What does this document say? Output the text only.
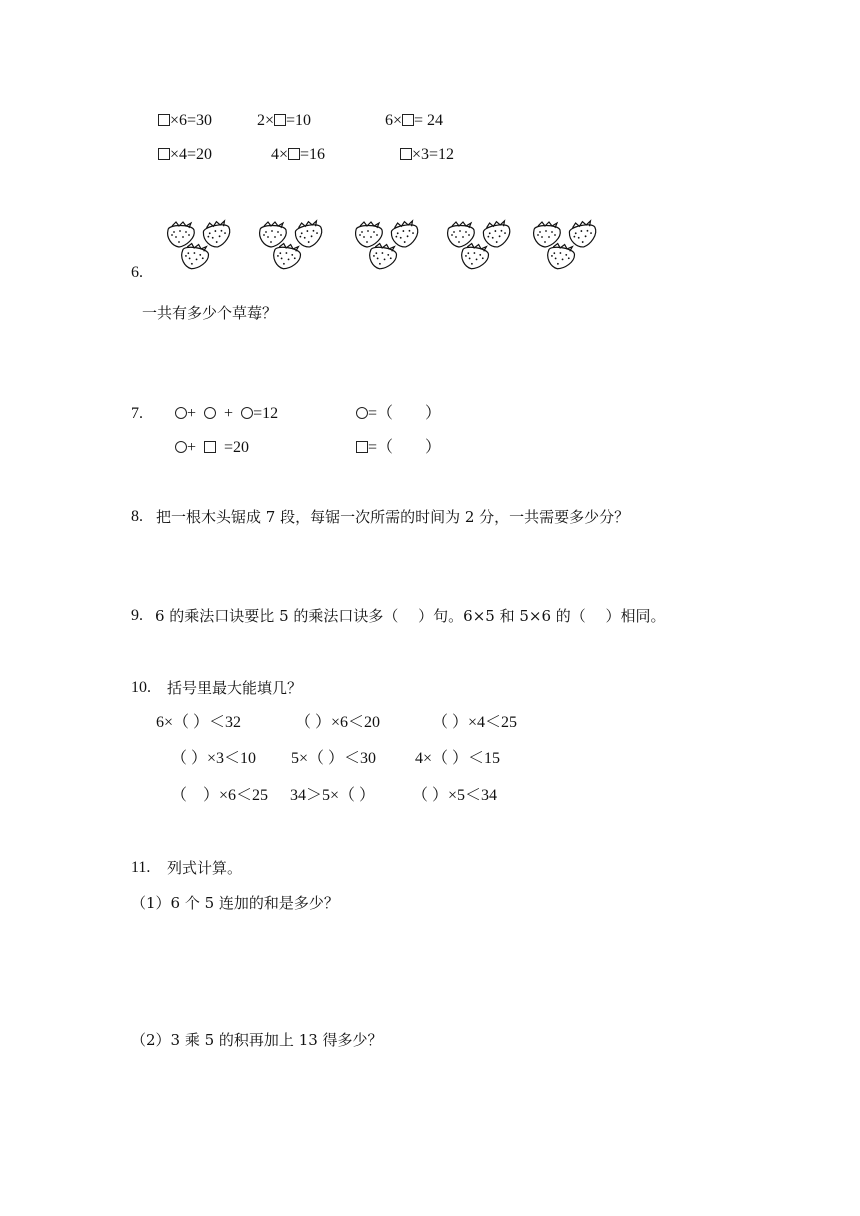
×6=30	2× =10	6× = 24
×4=20	4× =16	×3=12
6.
一共有多少个草莓？
7.	+ + =12	=（　　）
+ =20	=（　　）
8. 把一根木头锯成 7 段，每锯一次所需的时间为 2 分，一共需要多少分？
9. 6 的乘法口诀要比 5 的乘法口诀多（　 ）句。6×5 和 5×6 的（　 ）相同。
10. 括号里最大能填几？
6×（ ）＜32	（ ）×6＜20	（ ）×4＜25
（ ）×3＜10 5×（ ）＜30 4×（ ）＜15
（　）×6＜25 34＞5×（ ） （ ）×5＜34
11. 列式计算。
（1）6 个 5 连加的和是多少？
（2）3 乘 5 的积再加上 13 得多少？
